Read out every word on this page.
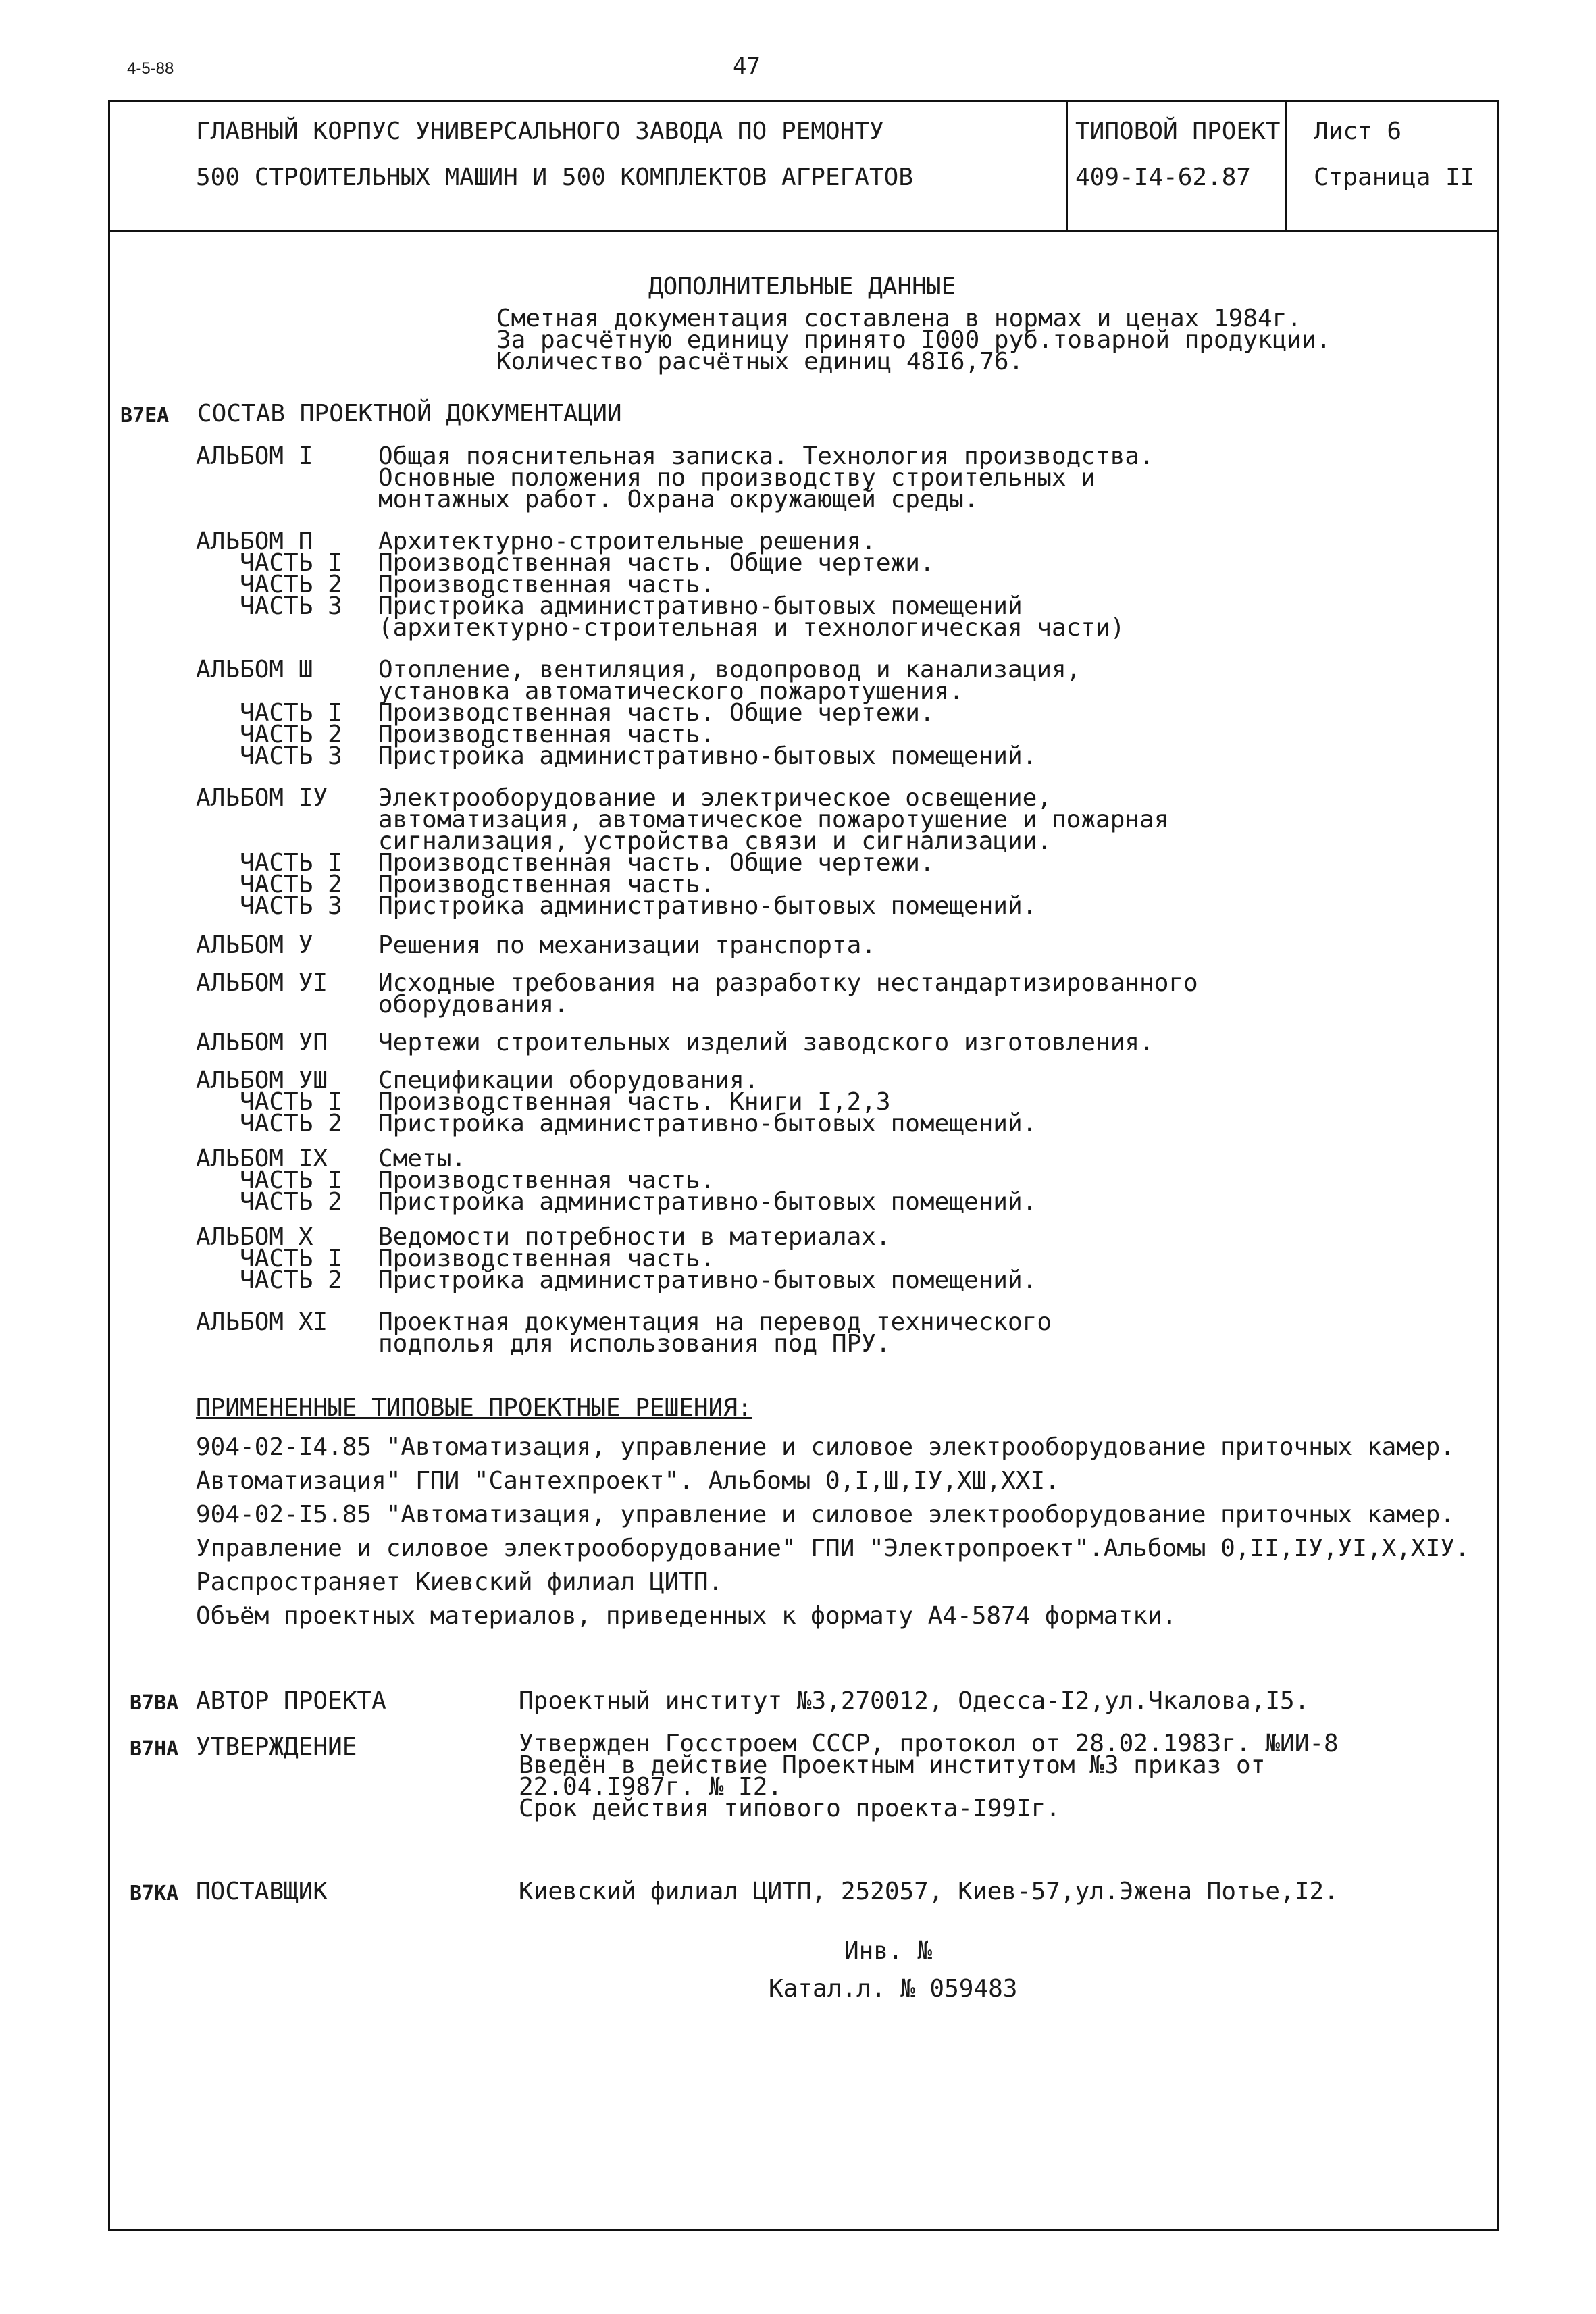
4-5-88	47
ГЛАВНЫЙ КОРПУС УНИВЕРСАЛЬНОГО ЗАВОДА ПО РЕМОНТУ
500 СТРОИТЕЛЬНЫХ МАШИН И 500 КОМПЛЕКТОВ АГРЕГАТОВ
ТИПОВОЙ ПРОЕКТ
409-I4-62.87
Лист 6
Страница II
ДОПОЛНИТЕЛЬНЫЕ ДАННЫЕ
Сметная документация составлена в нормах и ценах 1984г.
За расчётную единицу принято I000 руб.товарной продукции.
Количество расчётных единиц 48I6,76.
B7EA СОСТАВ ПРОЕКТНОЙ ДОКУМЕНТАЦИИ
АЛЬБОМ I	Общая пояснительная записка. Технология производства.
Основные положения по производству строительных и
монтажных работ. Охрана окружающей среды.
АЛЬБОМ П	Архитектурно-строительные решения.
ЧАСТЬ I Производственная часть. Общие чертежи.
ЧАСТЬ 2 Производственная часть.
ЧАСТЬ 3 Пристройка административно-бытовых помещений
(архитектурно-строительная и технологическая части)
АЛЬБОМ Ш	Отопление, вентиляция, водопровод и канализация,
установка автоматического пожаротушения.
ЧАСТЬ I Производственная часть. Общие чертежи.
ЧАСТЬ 2 Производственная часть.
ЧАСТЬ 3 Пристройка административно-бытовых помещений.
АЛЬБОМ IУ Электрооборудование и электрическое освещение,
автоматизация, автоматическое пожаротушение и пожарная
сигнализация, устройства связи и сигнализации.
ЧАСТЬ I Производственная часть. Общие чертежи.
ЧАСТЬ 2 Производственная часть.
ЧАСТЬ 3 Пристройка административно-бытовых помещений.
АЛЬБОМ У	Решения по механизации транспорта.
АЛЬБОМ УI Исходные требования на разработку нестандартизированного
оборудования.
АЛЬБОМ УП Чертежи строительных изделий заводского изготовления.
АЛЬБОМ УШ Спецификации оборудования.
ЧАСТЬ I Производственная часть. Книги I,2,3
ЧАСТЬ 2 Пристройка административно-бытовых помещений.
АЛЬБОМ IX Сметы.
ЧАСТЬ I Производственная часть.
ЧАСТЬ 2 Пристройка административно-бытовых помещений.
АЛЬБОМ X	Ведомости потребности в материалах.
ЧАСТЬ I Производственная часть.
ЧАСТЬ 2 Пристройка административно-бытовых помещений.
АЛЬБОМ XI Проектная документация на перевод технического
подполья для использования под ПРУ.
ПРИМЕНЕННЫЕ ТИПОВЫЕ ПРОЕКТНЫЕ РЕШЕНИЯ:
904-02-I4.85 "Автоматизация, управление и силовое электрооборудование приточных камер.
Автоматизация" ГПИ "Сантехпроект". Альбомы 0,I,Ш,IУ,ХШ,XXI.
904-02-I5.85 "Автоматизация, управление и силовое электрооборудование приточных камер.
Управление и силовое электрооборудование" ГПИ "Электропроект".Альбомы 0,II,IУ,УI,X,XIУ.
Распространяет Киевский филиал ЦИТП.
Объём проектных материалов, приведенных к формату А4-5874 форматки.
B7BA АВТОР ПРОЕКТА	Проектный институт №3,270012, Одесса-I2,ул.Чкалова,I5.
B7HA УТВЕРЖДЕНИЕ	Утвержден Госстроем СССР, протокол от 28.02.1983г. №ИИ-8
Введён в действие Проектным институтом №3 приказ от
22.04.I987г. № I2.
Срок действия типового проекта-I99Iг.
B7KA ПОСТАВЩИК	Киевский филиал ЦИТП, 252057, Киев-57,ул.Эжена Потье,I2.
Инв. №
Катал.л. № 059483
